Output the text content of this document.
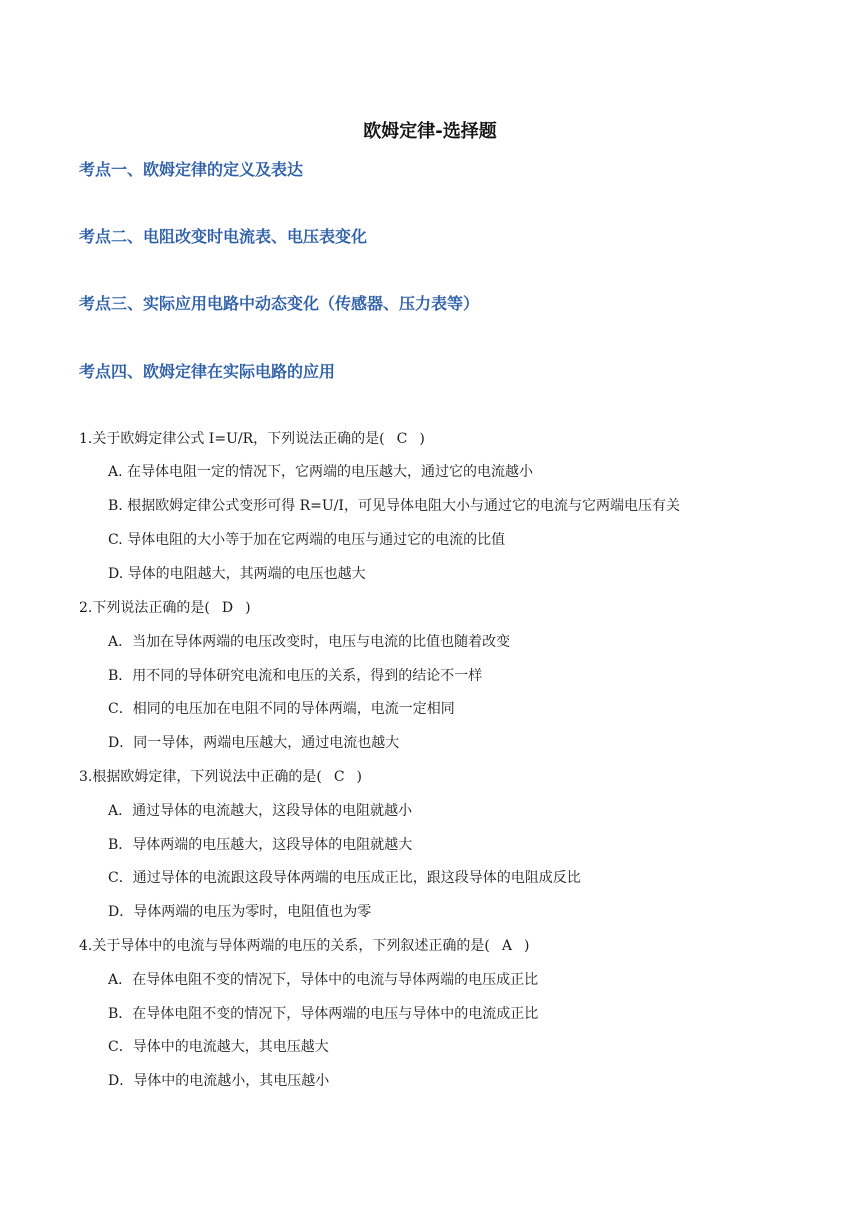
欧姆定律-选择题
考点一、欧姆定律的定义及表达
考点二、电阻改变时电流表、电压表变化
考点三、实际应用电路中动态变化（传感器、压力表等）
考点四、欧姆定律在实际电路的应用
1.关于欧姆定律公式 I=U/R，下列说法正确的是( C )
A. 在导体电阻一定的情况下，它两端的电压越大，通过它的电流越小
B. 根据欧姆定律公式变形可得 R=U/I，可见导体电阻大小与通过它的电流与它两端电压有关
C. 导体电阻的大小等于加在它两端的电压与通过它的电流的比值
D. 导体的电阻越大，其两端的电压也越大
2.下列说法正确的是( D )
A．当加在导体两端的电压改变时，电压与电流的比值也随着改变
B．用不同的导体研究电流和电压的关系，得到的结论不一样
C．相同的电压加在电阻不同的导体两端，电流一定相同
D．同一导体，两端电压越大，通过电流也越大
3.根据欧姆定律，下列说法中正确的是( C )
A．通过导体的电流越大，这段导体的电阻就越小
B．导体两端的电压越大，这段导体的电阻就越大
C．通过导体的电流跟这段导体两端的电压成正比，跟这段导体的电阻成反比
D．导体两端的电压为零时，电阻值也为零
4.关于导体中的电流与导体两端的电压的关系，下列叙述正确的是( A )
A．在导体电阻不变的情况下，导体中的电流与导体两端的电压成正比
B．在导体电阻不变的情况下，导体两端的电压与导体中的电流成正比
C．导体中的电流越大，其电压越大
D．导体中的电流越小，其电压越小
